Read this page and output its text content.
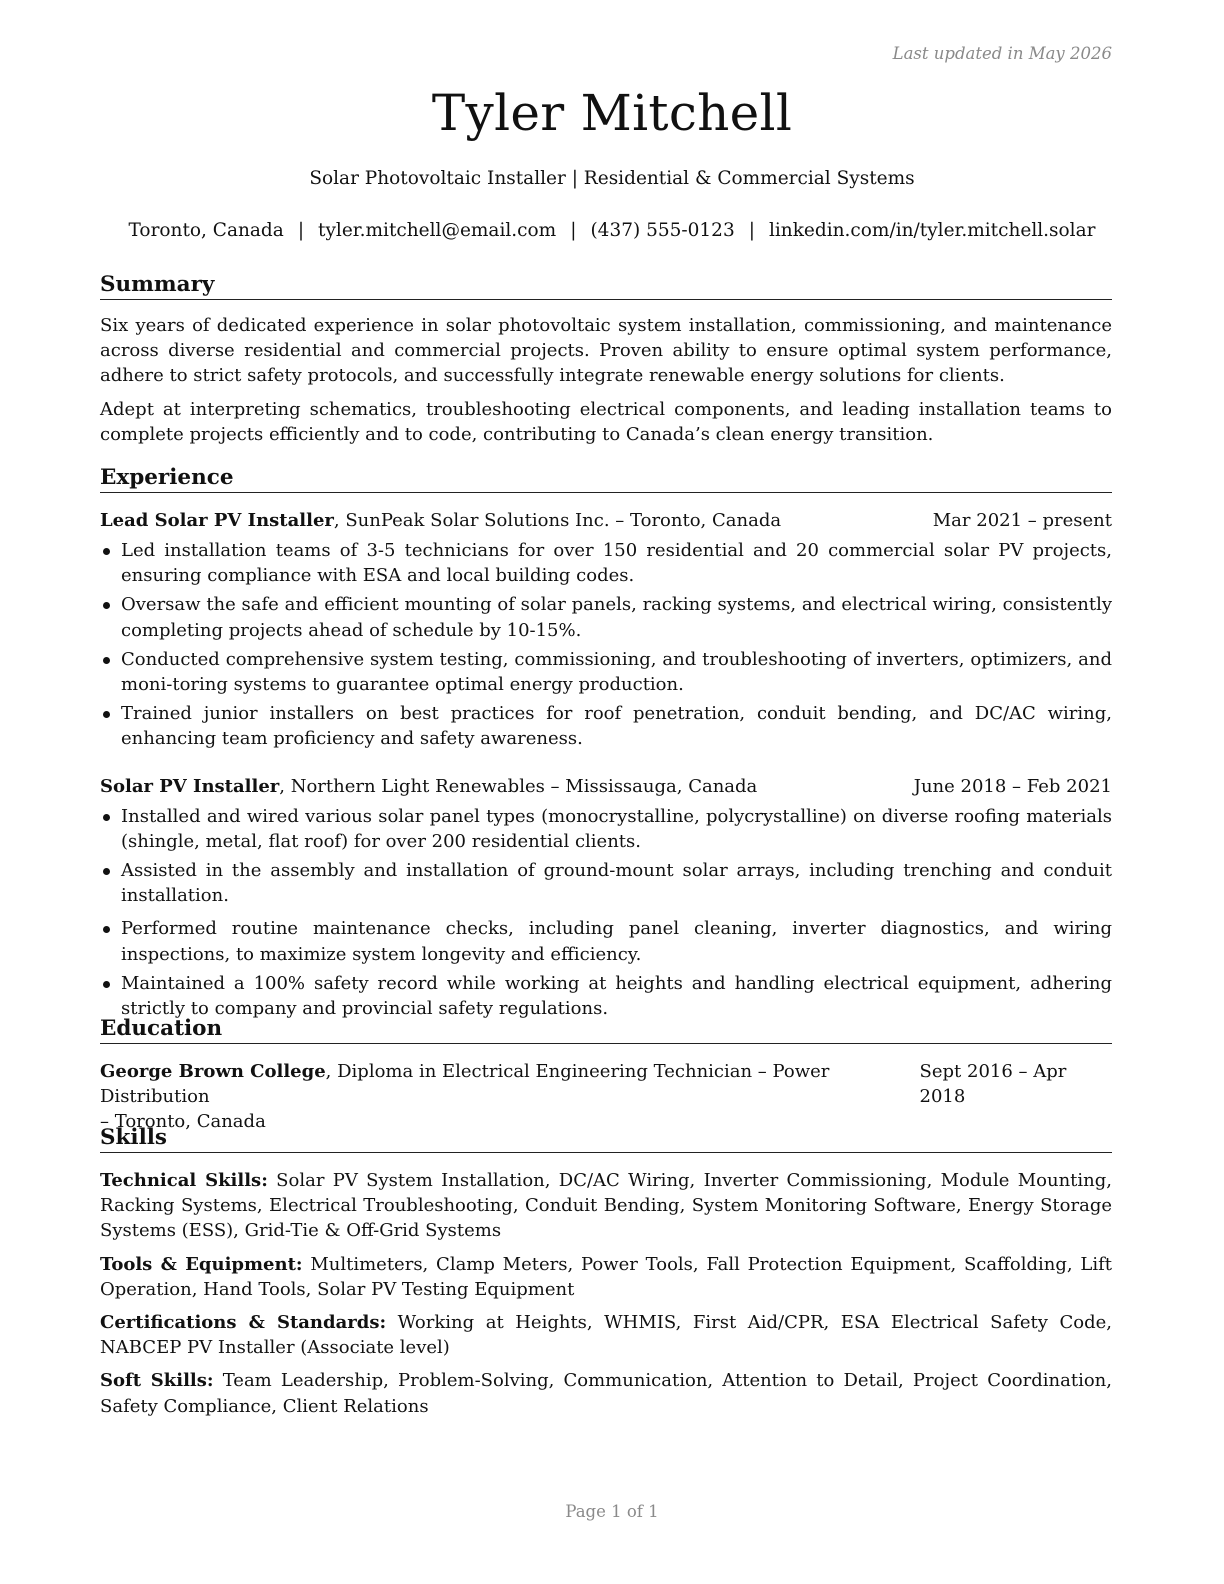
Last updated in May 2026
Tyler Mitchell
Solar Photovoltaic Installer | Residential & Commercial Systems
Toronto, Canada | tyler.mitchell@email.com | (437) 555-0123 | linkedin.com/in/tyler.mitchell.solar
Summary

Six years of dedicated experience in solar photovoltaic system installation, commissioning, and maintenance across diverse residential and commercial projects. Proven ability to ensure optimal system performance, adhere to strict safety protocols, and successfully integrate renewable energy solutions for clients.

Adept at interpreting schematics, troubleshooting electrical components, and leading installation teams to complete projects efficiently and to code, contributing to Canada’s clean energy transition.

Experience
Lead Solar PV Installer, SunPeak Solar Solutions Inc. – Toronto, Canada	Mar 2021 – present
Led installation teams of 3-5 technicians for over 150 residential and 20 commercial solar PV projects, ensuring compliance with ESA and local building codes.
Oversaw the safe and efficient mounting of solar panels, racking systems, and electrical wiring, consistently completing projects ahead of schedule by 10-15%.
Conducted comprehensive system testing, commissioning, and troubleshooting of inverters, optimizers, and moni-toring systems to guarantee optimal energy production.
Trained junior installers on best practices for roof penetration, conduit bending, and DC/AC wiring, enhancing team proficiency and safety awareness.
Solar PV Installer, Northern Light Renewables – Mississauga, Canada	June 2018 – Feb 2021
Installed and wired various solar panel types (monocrystalline, polycrystalline) on diverse roofing materials (shingle, metal, flat roof) for over 200 residential clients.
Assisted in the assembly and installation of ground-mount solar arrays, including trenching and conduit installation.
Performed routine maintenance checks, including panel cleaning, inverter diagnostics, and wiring inspections, to maximize system longevity and efficiency.
Maintained a 100% safety record while working at heights and handling electrical equipment, adhering strictly to company and provincial safety regulations.
Education
George Brown College, Diploma in Electrical Engineering Technician – Power Distribution
Sept 2016 – Apr 2018
– Toronto, Canada
Skills

Technical Skills: Solar PV System Installation, DC/AC Wiring, Inverter Commissioning, Module Mounting, Racking Systems, Electrical Troubleshooting, Conduit Bending, System Monitoring Software, Energy Storage Systems (ESS), Grid-Tie & Off-Grid Systems

Tools & Equipment: Multimeters, Clamp Meters, Power Tools, Fall Protection Equipment, Scaffolding, Lift Operation, Hand Tools, Solar PV Testing Equipment

Certifications & Standards: Working at Heights, WHMIS, First Aid/CPR, ESA Electrical Safety Code, NABCEP PV Installer (Associate level)

Soft Skills: Team Leadership, Problem-Solving, Communication, Attention to Detail, Project Coordination, Safety Compliance, Client Relations

Page 1 of 1
